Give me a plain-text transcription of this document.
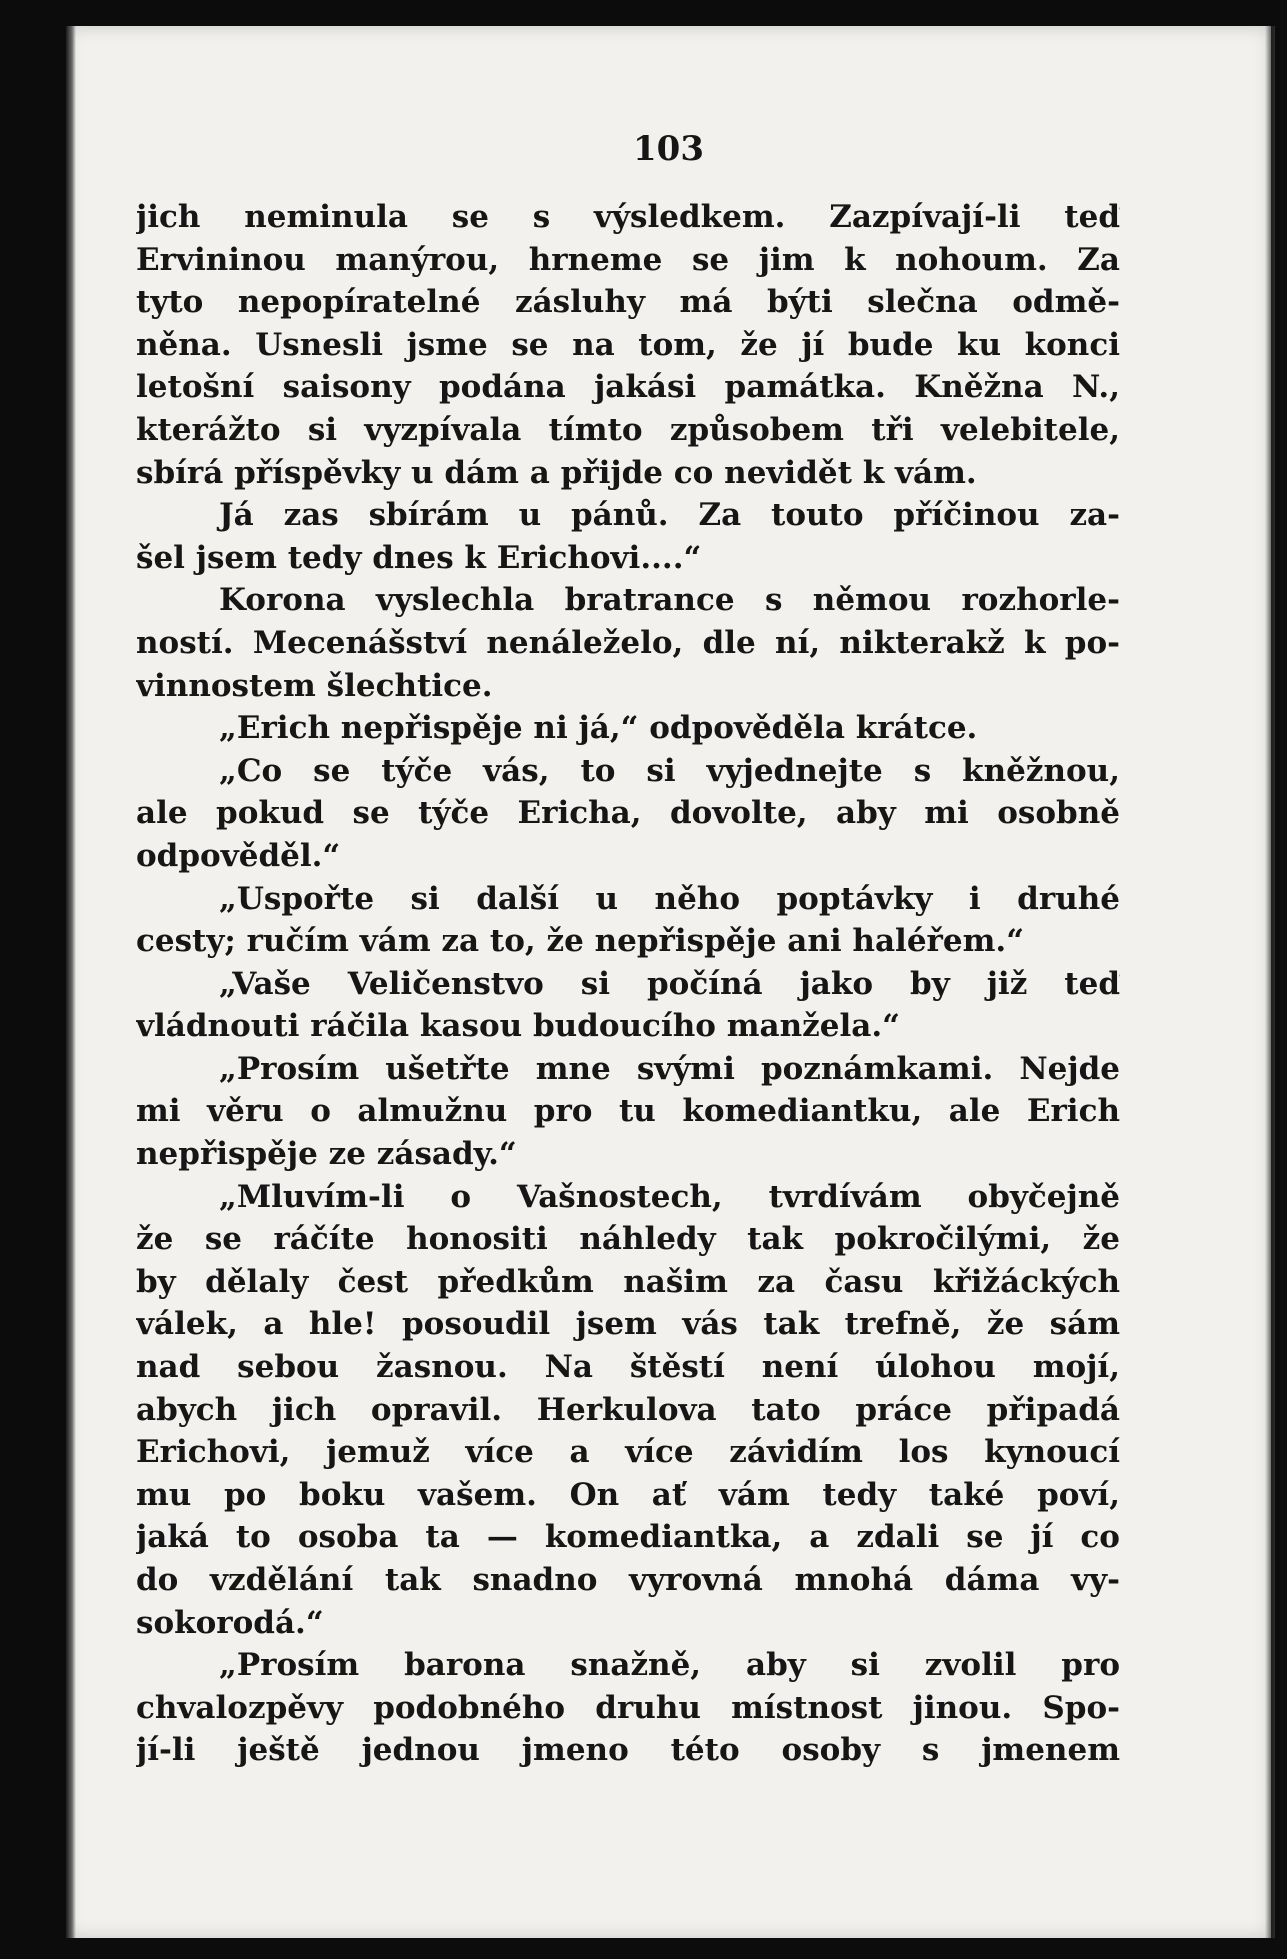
103
jich neminula se s výsledkem. Zazpívají-li teď
Ervininou manýrou, hrneme se jim k nohoum. Za
tyto nepopíratelné zásluhy má býti slečna odmě-
něna. Usnesli jsme se na tom, že jí bude ku konci
letošní saisony podána jakási památka. Kněžna N.,
kterážto si vyzpívala tímto způsobem tři velebitele,
sbírá příspěvky u dám a přijde co nevidět k vám.
Já zas sbírám u pánů. Za touto příčinou za-
šel jsem tedy dnes k Erichovi....“
Korona vyslechla bratrance s němou rozhorle-
ností. Mecenášství nenáleželo, dle ní, nikterakž k po-
vinnostem šlechtice.
„Erich nepřispěje ni já,“ odpověděla krátce.
„Co se týče vás, to si vyjednejte s kněžnou,
ale pokud se týče Ericha, dovolte, aby mi osobně
odpověděl.“
„Uspořte si další u něho poptávky i druhé
cesty; ručím vám za to, že nepřispěje ani haléřem.“
„Vaše Veličenstvo si počíná jako by již teď
vládnouti ráčila kasou budoucího manžela.“
„Prosím ušetřte mne svými poznámkami. Nejde
mi věru o almužnu pro tu komediantku, ale Erich
nepřispěje ze zásady.“
„Mluvím-li o Vašnostech, tvrdívám obyčejně
že se ráčíte honositi náhledy tak pokročilými, že
by dělaly čest předkům našim za času křižáckých
válek, a hle! posoudil jsem vás tak trefně, že sám
nad sebou žasnou. Na štěstí není úlohou mojí,
abych jich opravil. Herkulova tato práce připadá
Erichovi, jemuž více a více závidím los kynoucí
mu po boku vašem. On ať vám tedy také poví,
jaká to osoba ta — komediantka, a zdali se jí co
do vzdělání tak snadno vyrovná mnohá dáma vy-
sokorodá.“
„Prosím barona snažně, aby si zvolil pro
chvalozpěvy podobného druhu místnost jinou. Spo-
jí-li ještě jednou jmeno této osoby s jmenem
